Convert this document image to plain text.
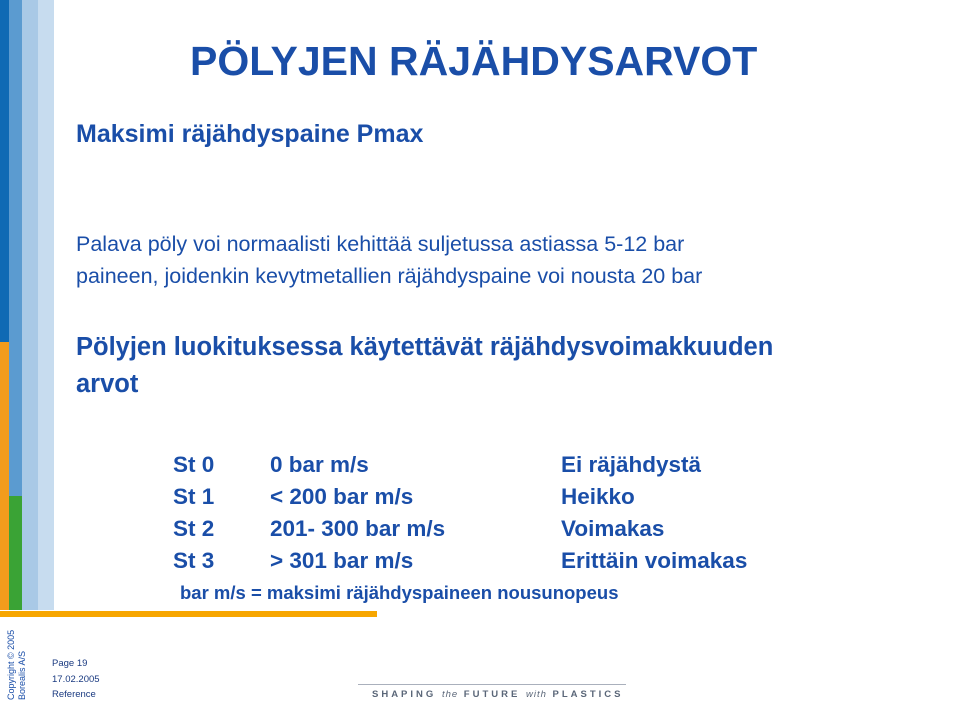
PÖLYJEN RÄJÄHDYSARVOT
Maksimi räjähdyspaine Pmax
Palava pöly voi normaalisti kehittää suljetussa astiassa 5-12 bar
paineen, joidenkin kevytmetallien räjähdyspaine voi nousta 20 bar
Pölyjen luokituksessa käytettävät räjähdysvoimakkuuden
arvot
St 0 0 bar m/s	Ei räjähdystä
St 1 < 200 bar m/s	Heikko
St 2 201- 300 bar m/s	Voimakas
St 3 > 301 bar m/s	Erittäin voimakas
bar m/s = maksimi räjähdyspaineen nousunopeus
Copyright © 2005 Borealis A/S	Page 19
17.02.2005
Reference	SHAPING the FUTURE with PLASTICS
